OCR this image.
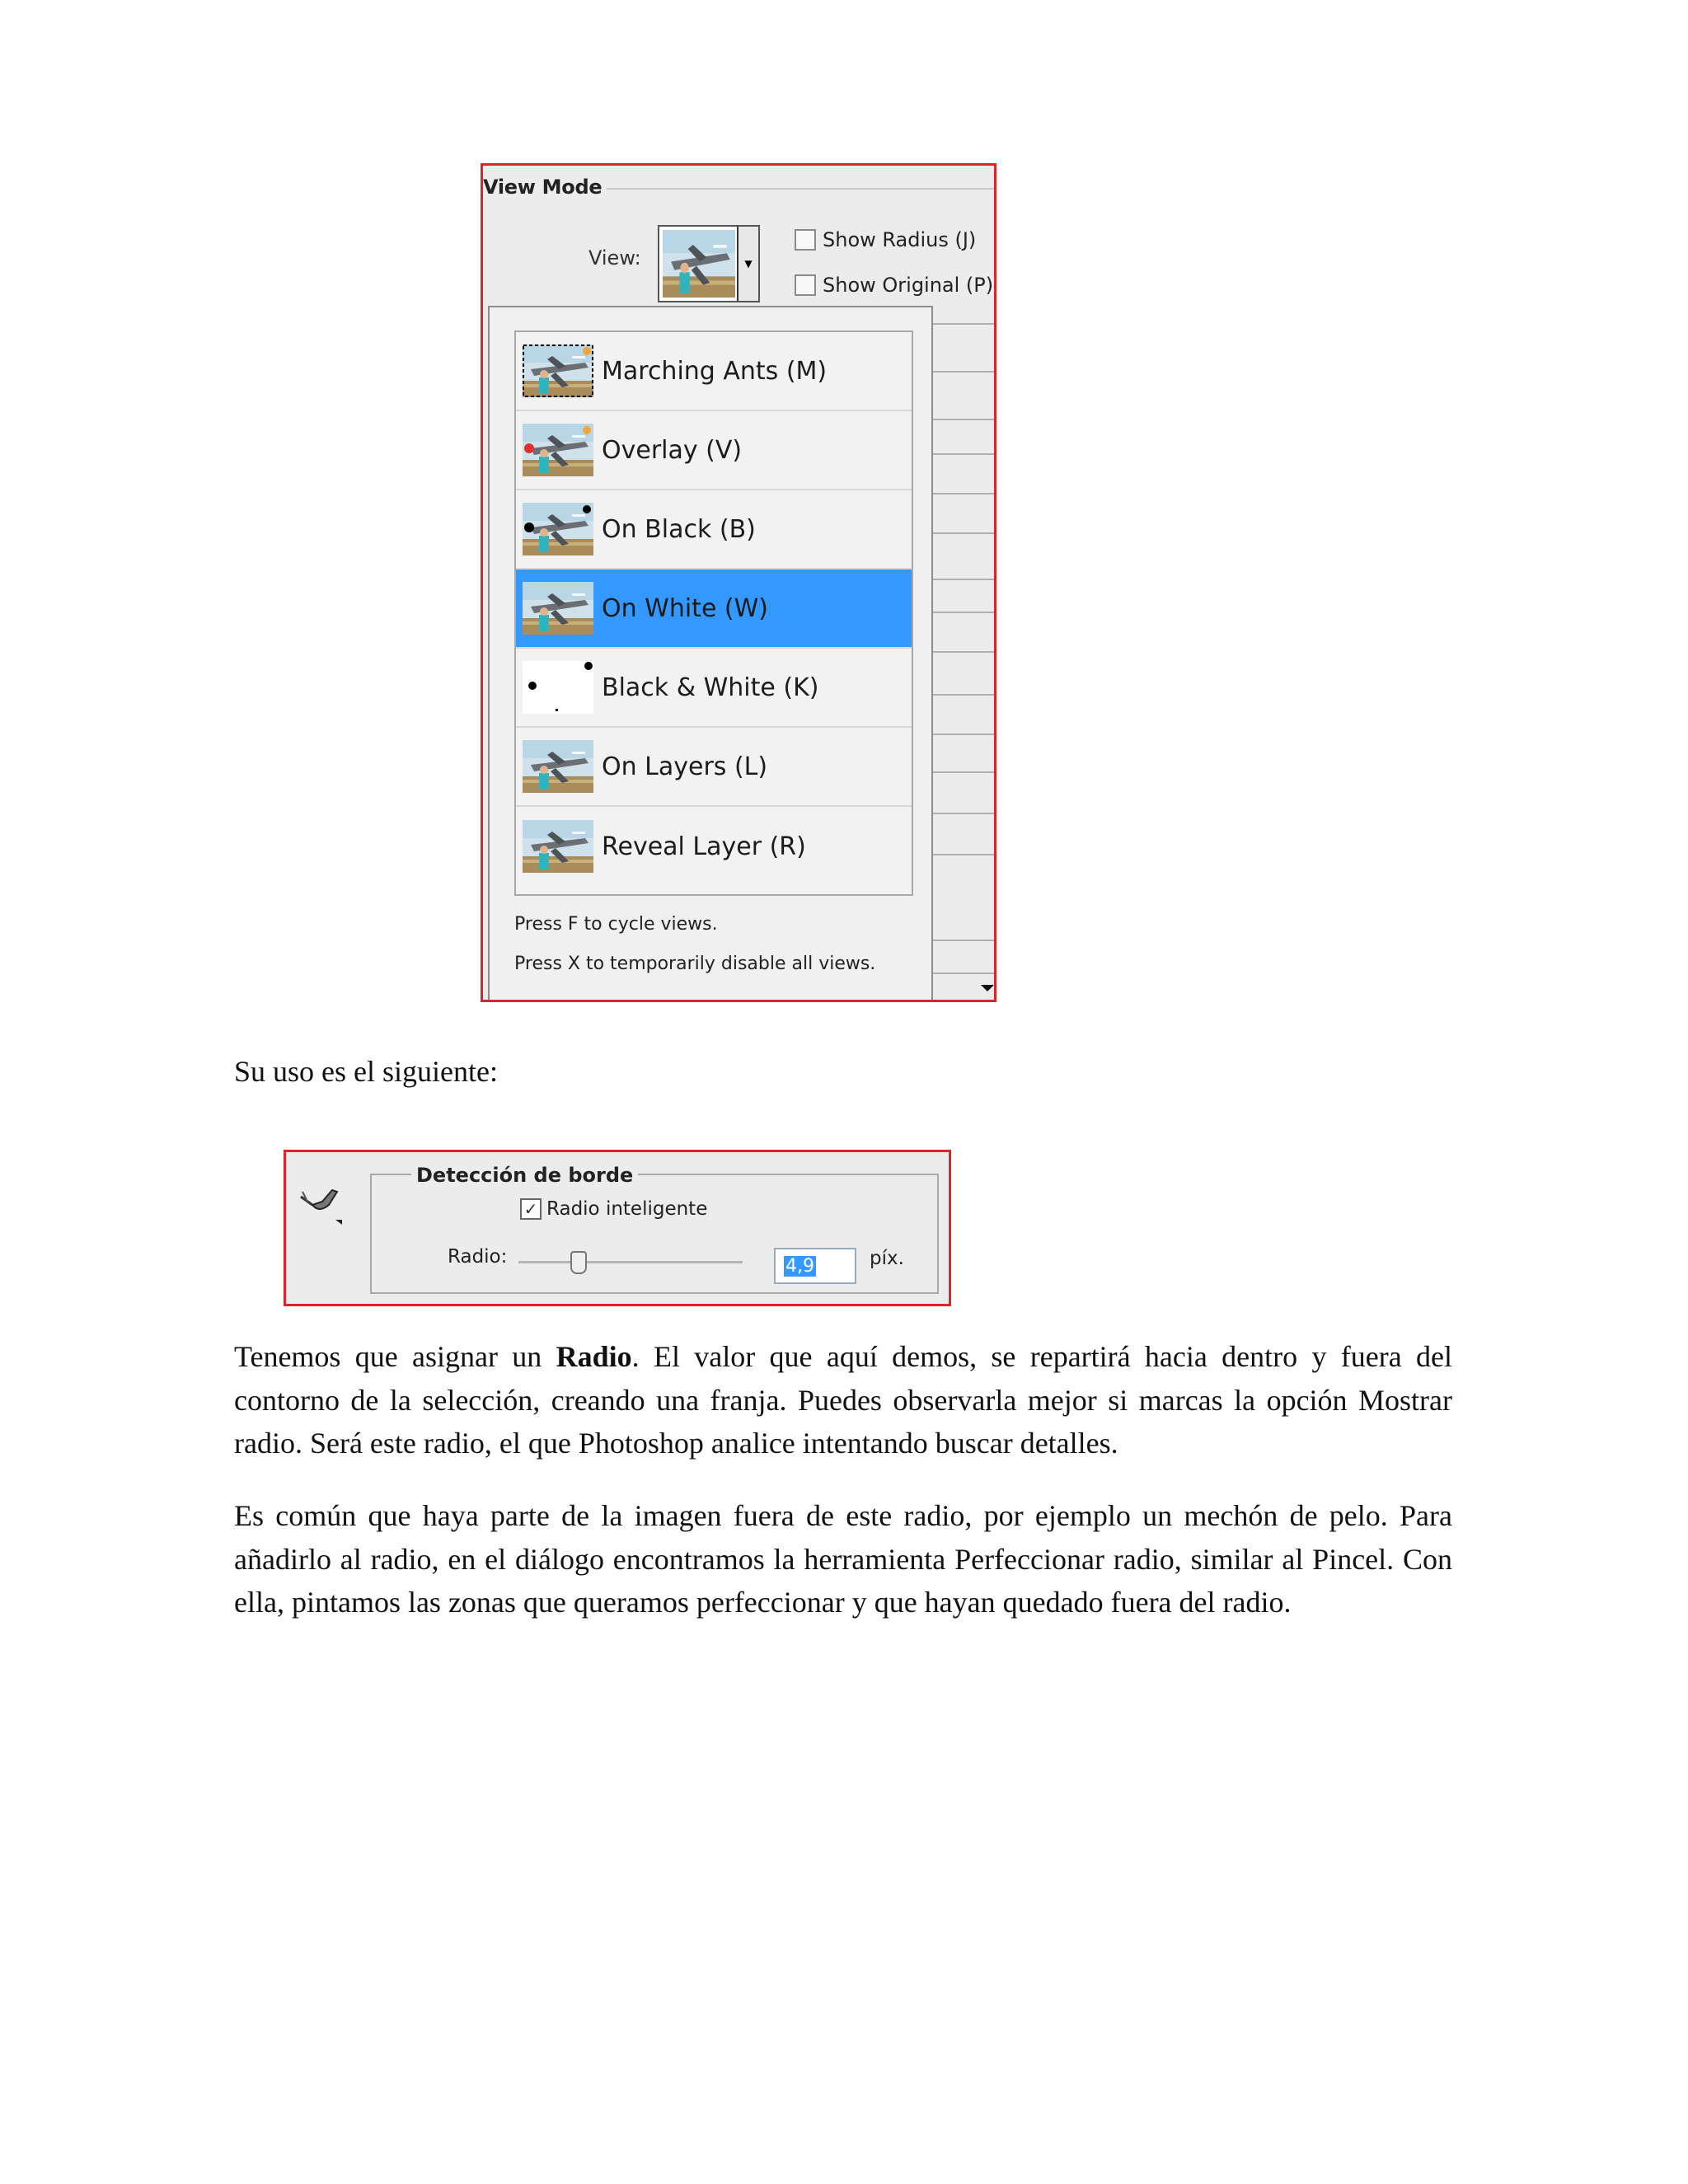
View Mode
View:	▼
Show Radius (J)
Show Original (P)
Marching Ants (M)
Overlay (V)
On Black (B)
On White (W)
Black & White (K)
On Layers (L)
Reveal Layer (R)
Press F to cycle views.
Press X to temporarily disable all views.

Su uso es el siguiente:

Detección de borde
✓ Radio inteligente
Radio:	4,9	píx.

Tenemos que asignar un Radio. El valor que aquí demos, se repartirá hacia dentro y fuera del contorno de la selección, creando una franja. Puedes observarla mejor si marcas la opción Mostrar radio. Será este radio, el que Photoshop analice intentando buscar detalles.

Es común que haya parte de la imagen fuera de este radio, por ejemplo un mechón de pelo. Para añadirlo al radio, en el diálogo encontramos la herramienta Perfeccionar radio, similar al Pincel. Con ella, pintamos las zonas que queramos perfeccionar y que hayan quedado fuera del radio.
